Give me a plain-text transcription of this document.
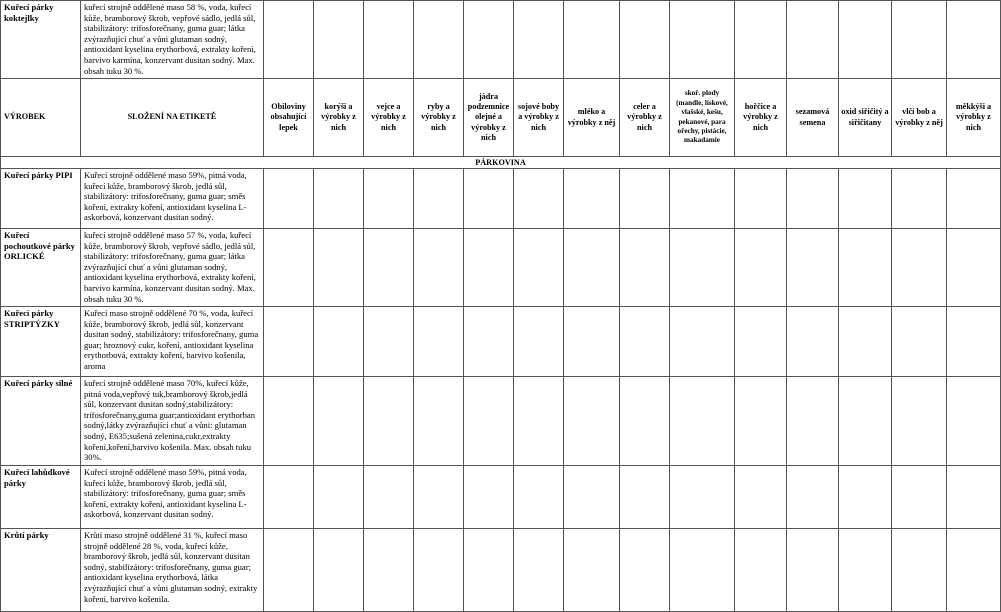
Kuřecí párky koktejlky	kuřecí strojně oddělené maso 58 %, voda, kuřecí kůže, bramborový škrob, vepřové sádlo, jedlá sůl, stabilizátory: trifosforečnany, guma guar; látka zvýrazňující chuť a vůni glutaman sodný, antioxidant kyselina erythorbová, extrakty koření, barvivo karmína, konzervant dusitan sodný. Max. obsah tuku 30 %.														
VÝROBEK	SLOŽENÍ NA ETIKETĚ	Obiloviny obsahující lepek	korýši a výrobky z nich	vejce a výrobky z nich	ryby a výrobky z nich	jádra podzemnice olejné a výrobky z nich	sojové boby a výrobky z nich	mléko a výrobky z něj	celer a výrobky z nich	skoř. plody (mandle, lískové, vlašské, kešu, pekanové, para ořechy, pistácie, makadamie	hořčice a výrobky z nich	sezamová semena	oxid siřičitý a siřičitany	vlčí bob a výrobky z něj	měkkýši a výrobky z nich
PÁRKOVINA															
Kuřecí párky PIPI	Kuřecí strojně oddělené maso 59%, pitná voda, kuřecí kůže, bramborový škrob, jedlá sůl, stabilizátory: trifosforečnany, guma guar; směs koření, extrakty koření, antioxidant kyselina L-askorbová, konzervant dusitan sodný.														
Kuřecí pochoutkové párky ORLICKÉ	kuřecí strojně oddělené maso 57 %, voda, kuřecí kůže, bramborový škrob, vepřové sádlo, jedlá sůl, stabilizátory: trifosforečnany, guma guar; látka zvýrazňující chuť a vůni glutaman sodný, antioxidant kyselina erythorbová, extrakty koření, barvivo karmína, konzervant dusitan sodný. Max. obsah tuku 30 %.														
Kuřecí párky STRIPTÝZKY	Kuřecí maso strojně oddělené 70 %, voda, kuřecí kůže, bramborový škrob, jedlá sůl, konzervant dusitan sodný, stabilizátory: trifosforečnany, guma guar; hroznový cukr, koření, antioxidant kyselina erythorbová, extrakty koření, barvivo košenila, aroma														
Kuřecí párky silné	kuřecí strojně oddělené maso 70%, kuřecí kůže, pitná voda,vepřový tuk,bramborový škrob,jedlá sůl, konzervant dusitan sodný,stabilizátory: trifosforečnany,guma guar;antioxidant erythorban sodný,látky zvýrazňující chuť a vůni: glutaman sodný, E635;sušená zelenina,cukr,extrakty koření,koření,barvivo košenila. Max. obsah tuku 30%.														
Kuřecí lahůdkové párky	Kuřecí strojně oddělené maso 59%, pitná voda, kuřecí kůže, bramborový škrob, jedlá sůl, stabilizátory: trifosforečnany, guma guar; směs koření, extrakty koření, antioxidant kyselina L-askorbová, konzervant dusitan sodný.														
Krůtí párky	Krůtí maso strojně oddělené 31 %, kuřecí maso strojně oddělené 28 %, voda, kuřecí kůže, bramborový škrob, jedlá sůl, konzervant dusitan sodný, stabilizátory: trifosforečnany, guma guar; antioxidant kyselina erythorbová, látka zvýrazňující chuť a vůni glutaman sodný, extrakty koření, barvivo košenila.														
